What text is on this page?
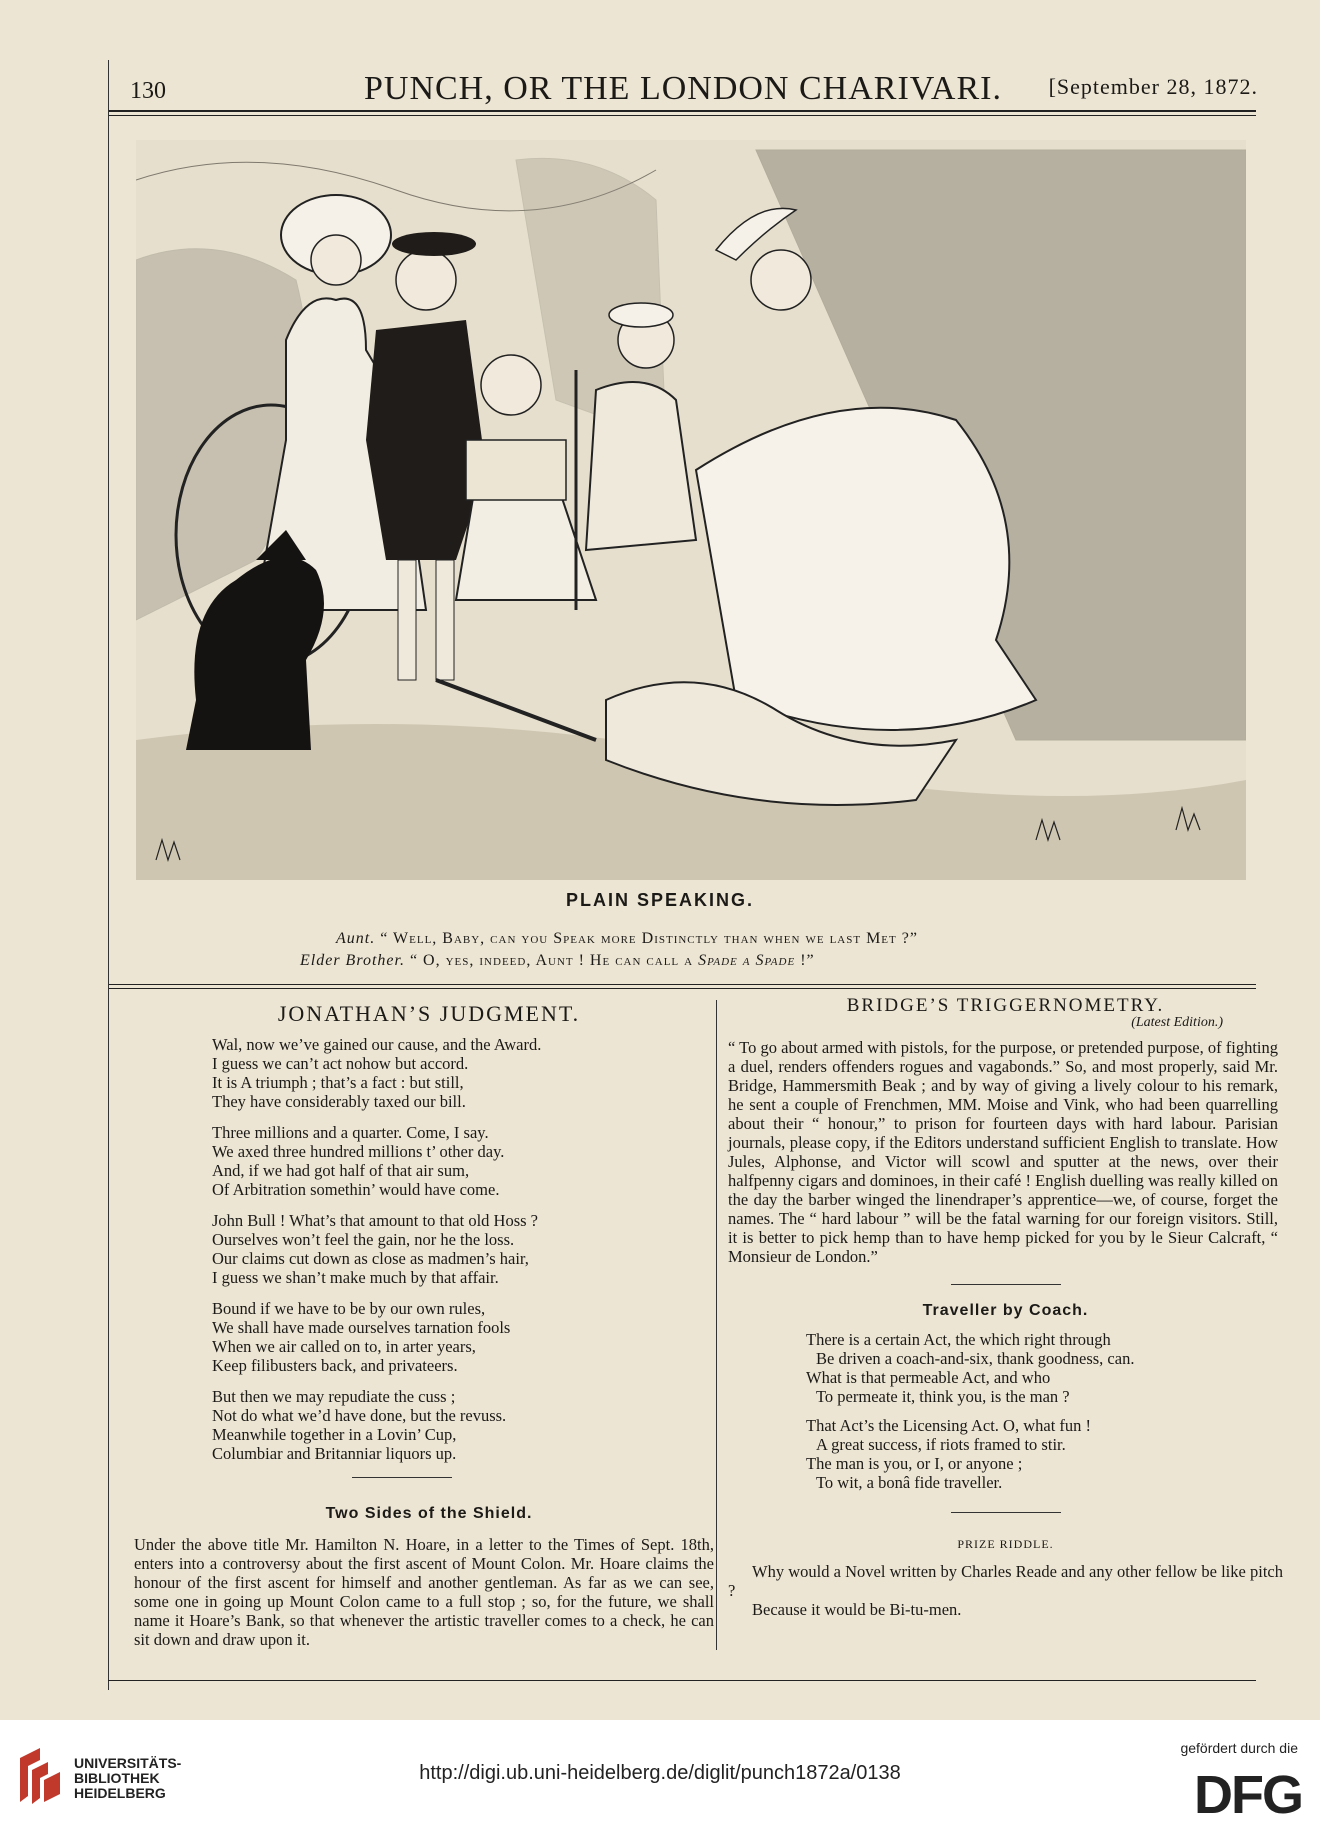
130	PUNCH, OR THE LONDON CHARIVARI.	[September 28, 1872.
PLAIN SPEAKING.
Aunt. “ Well, Baby, can you Speak more Distinctly than when we last Met ?”
Elder Brother. “ O, yes, indeed, Aunt ! He can call a Spade a Spade !”
JONATHAN’S JUDGMENT.

Wal, now we’ve gained our cause, and the Award.

I guess we can’t act nohow but accord.

It is A triumph ; that’s a fact : but still,

They have considerably taxed our bill.

Three millions and a quarter. Come, I say.

We axed three hundred millions t’ other day.

And, if we had got half of that air sum,

Of Arbitration somethin’ would have come.

John Bull ! What’s that amount to that old Hoss ?

Ourselves won’t feel the gain, nor he the loss.

Our claims cut down as close as madmen’s hair,

I guess we shan’t make much by that affair.

Bound if we have to be by our own rules,

We shall have made ourselves tarnation fools

When we air called on to, in arter years,

Keep filibusters back, and privateers.

But then we may repudiate the cuss ;

Not do what we’d have done, but the revuss.

Meanwhile together in a Lovin’ Cup,

Columbiar and Britanniar liquors up.

Two Sides of the Shield.

Under the above title Mr. Hamilton N. Hoare, in a letter to the Times of Sept. 18th, enters into a controversy about the first ascent of Mount Colon. Mr. Hoare claims the honour of the first ascent for himself and another gentleman. As far as we can see, some one in going up Mount Colon came to a full stop ; so, for the future, we shall name it Hoare’s Bank, so that whenever the artistic traveller comes to a check, he can sit down and draw upon it.

BRIDGE’S TRIGGERNOMETRY.
(Latest Edition.)

“ To go about armed with pistols, for the purpose, or pretended purpose, of fighting a duel, renders offenders rogues and vagabonds.” So, and most properly, said Mr. Bridge, Hammersmith Beak ; and by way of giving a lively colour to his remark, he sent a couple of Frenchmen, MM. Moise and Vink, who had been quarrelling about their “ honour,” to prison for fourteen days with hard labour. Parisian journals, please copy, if the Editors understand sufficient English to translate. How Jules, Alphonse, and Victor will scowl and sputter at the news, over their halfpenny cigars and dominoes, in their café ! English duelling was really killed on the day the barber winged the linendraper’s apprentice—we, of course, forget the names. The “ hard labour ” will be the fatal warning for our foreign visitors. Still, it is better to pick hemp than to have hemp picked for you by le Sieur Calcraft, “ Monsieur de London.”

Traveller by Coach.

There is a certain Act, the which right through

Be driven a coach-and-six, thank goodness, can.

What is that permeable Act, and who

To permeate it, think you, is the man ?

That Act’s the Licensing Act. O, what fun !

A great success, if riots framed to stir.

The man is you, or I, or anyone ;

To wit, a bonâ fide traveller.

PRIZE RIDDLE.

Why would a Novel written by Charles Reade and any other fellow be like pitch ?

Because it would be Bi-tu-men.

UNIVERSITÄTS-
BIBLIOTHEK
HEIDELBERG
http://digi.ub.uni-heidelberg.de/diglit/punch1872a/0138
gefördert durch die
DFG
